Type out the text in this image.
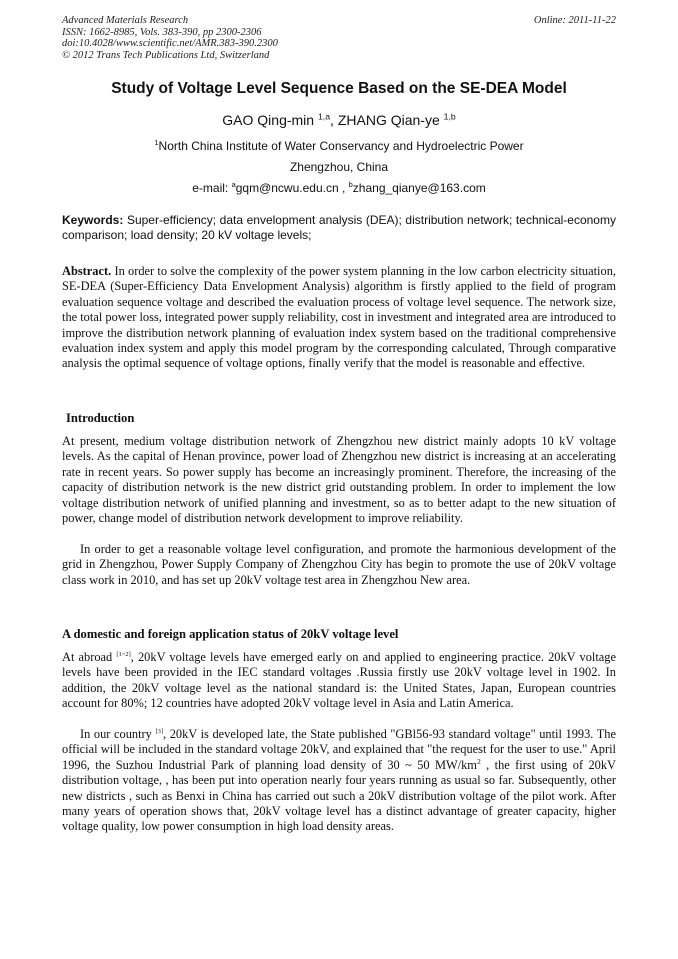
Advanced Materials Research
ISSN: 1662-8985, Vols. 383-390, pp 2300-2306
doi:10.4028/www.scientific.net/AMR.383-390.2300
© 2012 Trans Tech Publications Ltd, Switzerland
Online: 2011-11-22
Study of Voltage Level Sequence Based on the SE-DEA Model
GAO Qing-min $^{1,a}$, ZHANG Qian-ye $^{1,b}$
$^1$North China Institute of Water Conservancy and Hydroelectric Power
Zhengzhou, China
e-mail: $^a$gqm@ncwu.edu.cn , $^b$zhang_qianye@163.com
Keywords: Super-efficiency; data envelopment analysis (DEA); distribution network; technical-economy comparison; load density; 20 kV voltage levels;
Abstract. In order to solve the complexity of the power system planning in the low carbon electricity situation, SE-DEA (Super-Efficiency Data Envelopment Analysis) algorithm is firstly applied to the field of program evaluation sequence voltage and described the evaluation process of voltage level sequence. The network size, the total power loss, integrated power supply reliability, cost in investment and integrated area are introduced to improve the distribution network planning of evaluation index system based on the traditional comprehensive evaluation index system and apply this model program by the corresponding calculated, Through comparative analysis the optimal sequence of voltage options, finally verify that the model is reasonable and effective.
Introduction
At present, medium voltage distribution network of Zhengzhou new district mainly adopts 10 kV voltage levels. As the capital of Henan province, power load of Zhengzhou new district is increasing at an accelerating rate in recent years. So power supply has become an increasingly prominent. Therefore, the increasing of the capacity of distribution network is the new district grid outstanding problem. In order to implement the low voltage distribution network of unified planning and investment, so as to better adapt to the new situation of power, change model of distribution network development to improve reliability.
In order to get a reasonable voltage level configuration, and promote the harmonious development of the grid in Zhengzhou, Power Supply Company of Zhengzhou City has begin to promote the use of 20kV voltage class work in 2010, and has set up 20kV voltage test area in Zhengzhou New area.
A domestic and foreign application status of 20kV voltage level
At abroad [1~2], 20kV voltage levels have emerged early on and applied to engineering practice. 20kV voltage levels have been provided in the IEC standard voltages .Russia firstly use 20kV voltage level in 1902. In addition, the 20kV voltage level as the national standard is: the United States, Japan, European countries account for 80%; 12 countries have adopted 20kV voltage level in Asia and Latin America.
In our country [3], 20kV is developed late, the State published "GBl56-93 standard voltage" until 1993. The official will be included in the standard voltage 20kV, and explained that "the request for the user to use." April 1996, the Suzhou Industrial Park of planning load density of 30 ~ 50 $MW/km^2$ , the first using of 20kV distribution voltage, , has been put into operation nearly four years running as usual so far. Subsequently, other new districts , such as Benxi in China has carried out such a 20kV distribution voltage of the pilot work. After many years of operation shows that, 20kV voltage level has a distinct advantage of greater capacity, higher voltage quality, low power consumption in high load density areas.
